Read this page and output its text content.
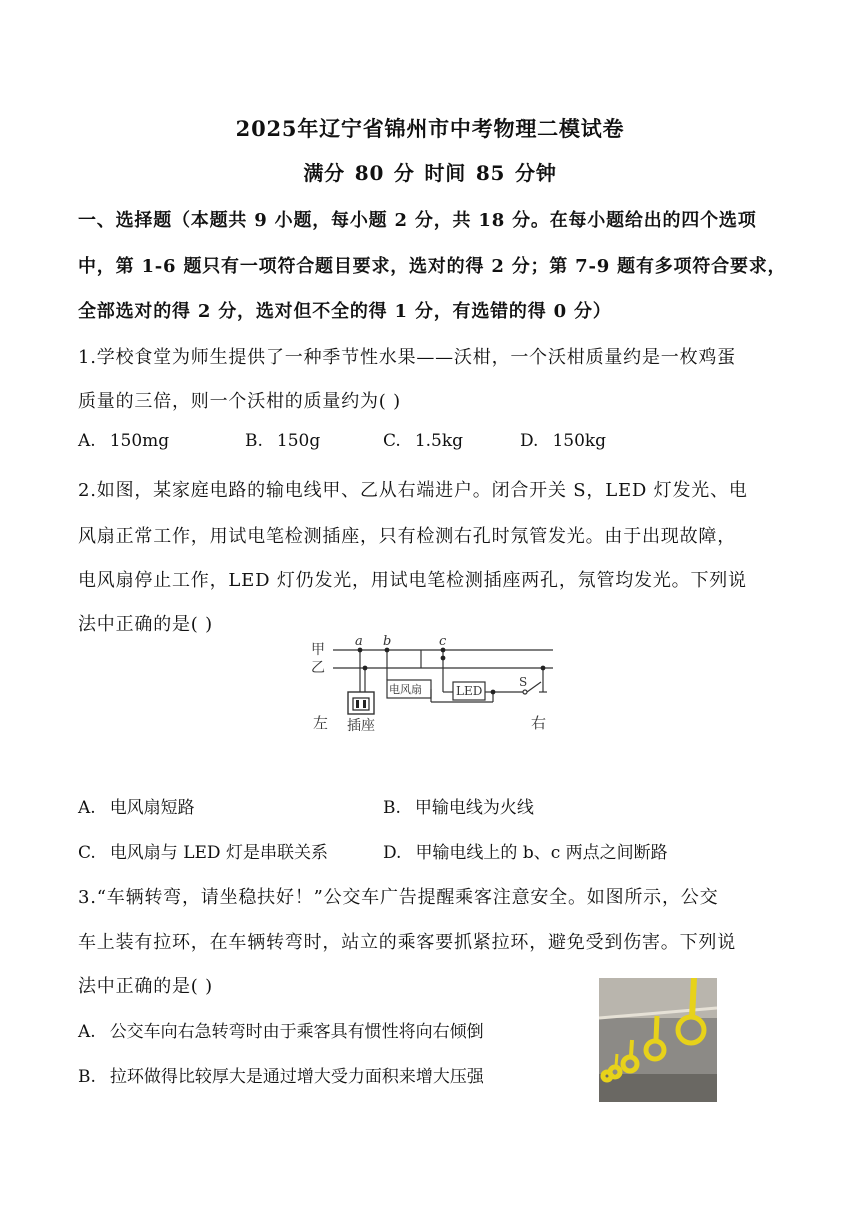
2025年辽宁省锦州市中考物理二模试卷
满分 80 分 时间 85 分钟
一、选择题（本题共 9 小题，每小题 2 分，共 18 分。在每小题给出的四个选项
中，第 1-6 题只有一项符合题目要求，选对的得 2 分；第 7-9 题有多项符合要求，
全部选对的得 2 分，选对但不全的得 1 分，有选错的得 0 分）
1.学校食堂为师生提供了一种季节性水果——沃柑，一个沃柑质量约是一枚鸡蛋
质量的三倍，则一个沃柑的质量约为( )
A. 150mg	B. 150g	C. 1.5kg	D. 150kg
2.如图，某家庭电路的输电线甲、乙从右端进户。闭合开关 S，LED 灯发光、电
风扇正常工作，用试电笔检测插座，只有检测右孔时氖管发光。由于出现故障，
电风扇停止工作，LED 灯仍发光，用试电笔检测插座两孔，氖管均发光。下列说
法中正确的是( )
甲
乙
a b	c
插座
电风扇	LED
S
左	右
A. 电风扇短路	B. 甲输电线为火线
C. 电风扇与 LED 灯是串联关系	D. 甲输电线上的 b、c 两点之间断路
3.“车辆转弯，请坐稳扶好！”公交车广告提醒乘客注意安全。如图所示，公交
车上装有拉环，在车辆转弯时，站立的乘客要抓紧拉环，避免受到伤害。下列说
法中正确的是( )
A. 公交车向右急转弯时由于乘客具有惯性将向右倾倒
B. 拉环做得比较厚大是通过增大受力面积来增大压强
